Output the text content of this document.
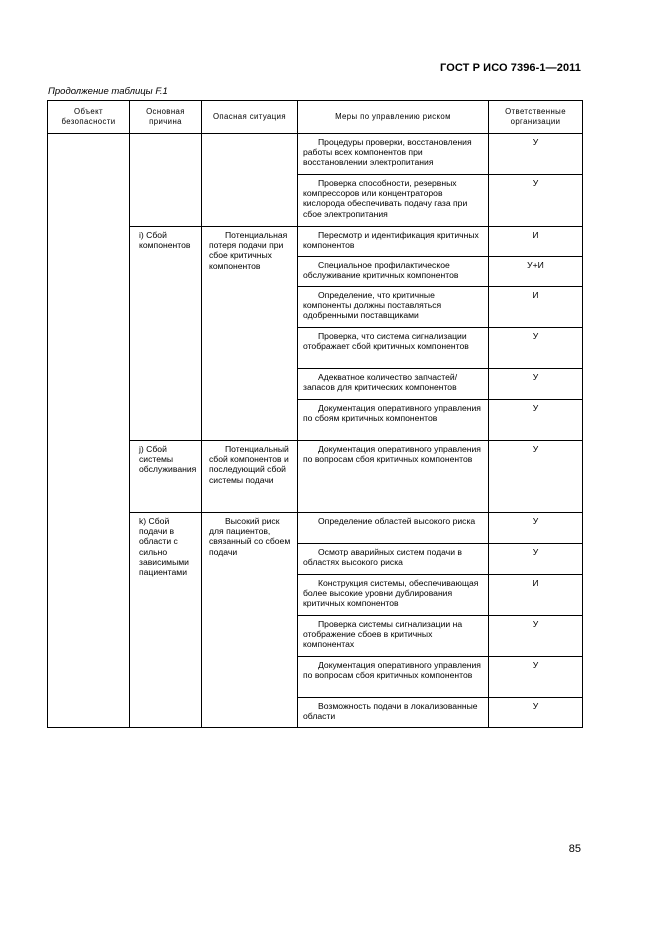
ГОСТ Р ИСО 7396-1—2011
Продолжение таблицы F.1
Объект безопасности	Основная причина	Опасная ситуация	Меры по управлению риском	Ответственные организации

			Процедуры проверки, восстановления работы всех компонентов при восстановлении электропитания	У

			Проверка способности, резервных компрессоров или концентраторов кислорода обеспечивать подачу газа при сбое электропитания	У

	i) Сбой компонентов	Потенциальная потеря подачи при сбое критичных компонентов	Пересмотр и идентификация критичных компонентов	И

			Специальное профилактическое обслуживание критичных компонентов	У+И

			Определение, что критичные компоненты должны поставляться одобренными поставщиками	И

			Проверка, что система сигнализации отображает сбой критичных компонентов	У

			Адекватное количество запчастей/запасов для критических компонентов	У

			Документация оперативного управления по сбоям критичных компонентов	У

	j) Сбой системы обслуживания	Потенциальный сбой компонентов и последующий сбой системы подачи	Документация оперативного управления по вопросам сбоя критичных компонентов	У

	k) Сбой подачи в области с сильно зависимыми пациентами	Высокий риск для пациентов, связанный со сбоем подачи	Определение областей высокого риска	У

			Осмотр аварийных систем подачи в областях высокого риска	У

			Конструкция системы, обеспечивающая более высокие уровни дублирования критичных компонентов	И

			Проверка системы сигнализации на отображение сбоев в критичных компонентах	У

			Документация оперативного управления по вопросам сбоя критичных компонентов	У

			Возможность подачи в локализованные области	У
85
